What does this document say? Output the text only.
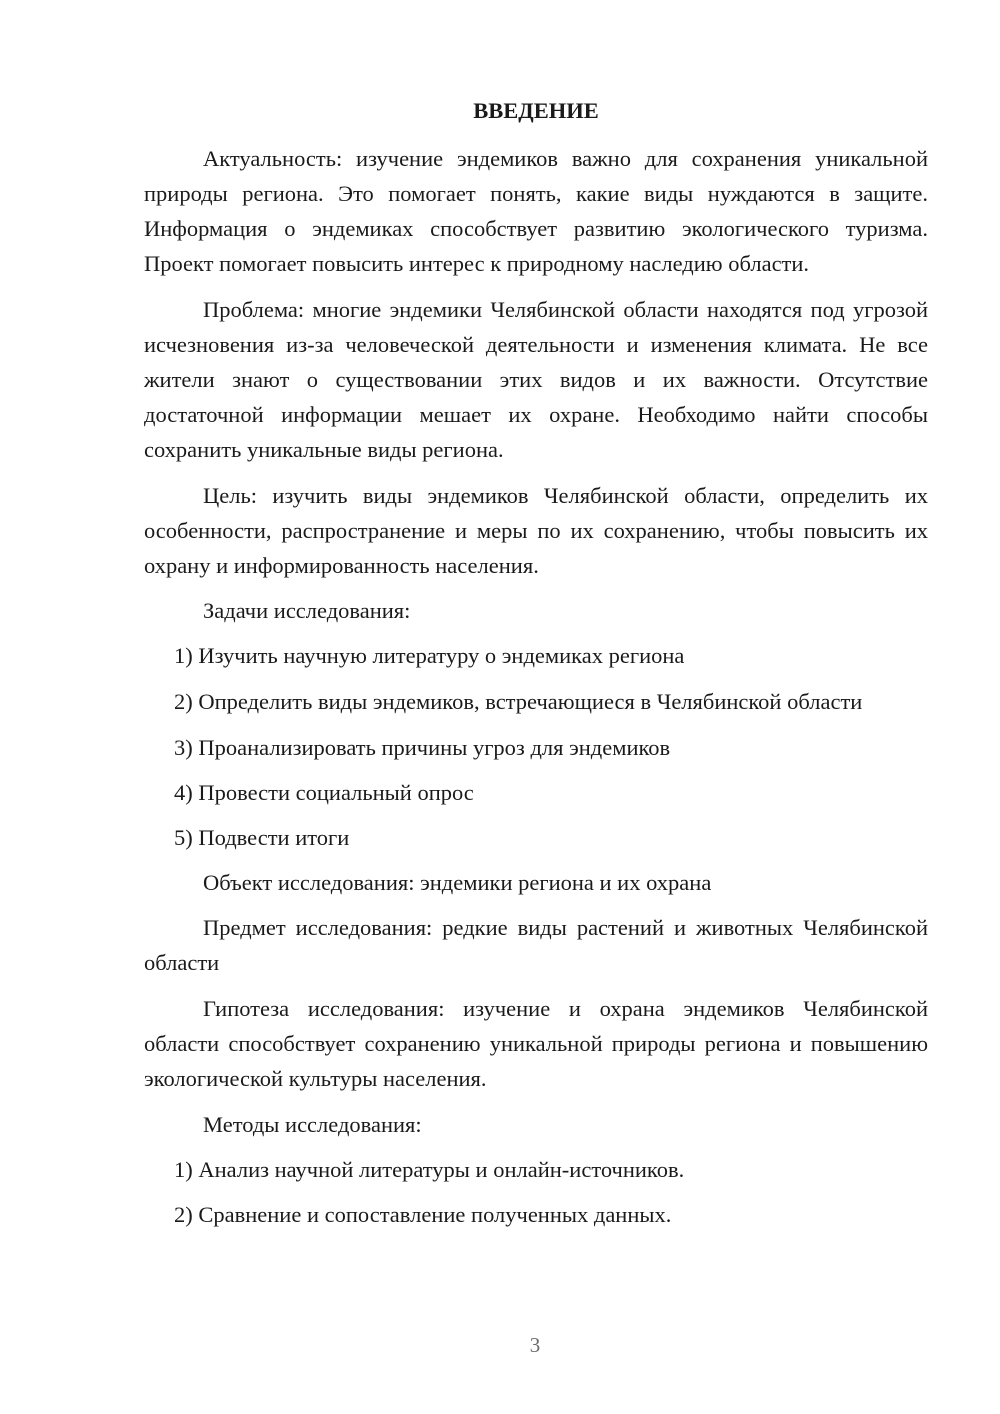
ВВЕДЕНИЕ

Актуальность: изучение эндемиков важно для сохранения уникальной природы региона. Это помогает понять, какие виды нуждаются в защите. Информация о эндемиках способствует развитию экологического туризма. Проект помогает повысить интерес к природному наследию области.

Проблема: многие эндемики Челябинской области находятся под угрозой исчезновения из-за человеческой деятельности и изменения климата. Не все жители знают о существовании этих видов и их важности. Отсутствие достаточной информации мешает их охране. Необходимо найти способы сохранить уникальные виды региона.

Цель: изучить виды эндемиков Челябинской области, определить их особенности, распространение и меры по их сохранению, чтобы повысить их охрану и информированность населения.

Задачи исследования:

1) Изучить научную литературу о эндемиках региона

2) Определить виды эндемиков, встречающиеся в Челябинской области

3) Проанализировать причины угроз для эндемиков

4) Провести социальный опрос

5) Подвести итоги

Объект исследования: эндемики региона и их охрана

Предмет исследования: редкие виды растений и животных Челябинской области

Гипотеза исследования: изучение и охрана эндемиков Челябинской области способствует сохранению уникальной природы региона и повышению экологической культуры населения.

Методы исследования:

1) Анализ научной литературы и онлайн-источников.

2) Сравнение и сопоставление полученных данных.

3
